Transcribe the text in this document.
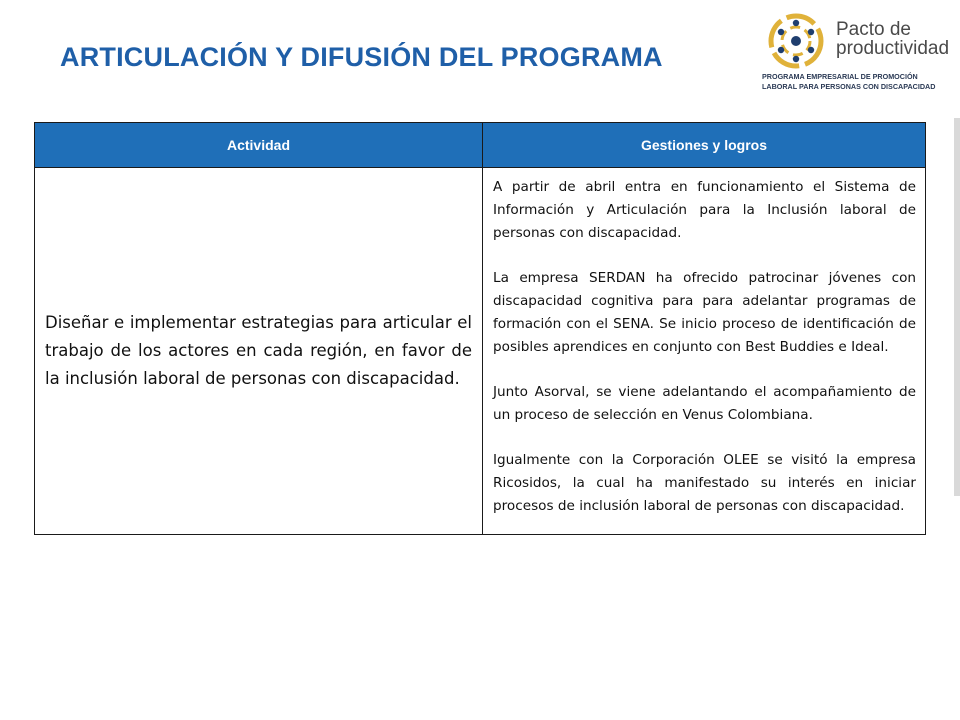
ARTICULACIÓN Y DIFUSIÓN DEL PROGRAMA
Pacto de
productividad
PROGRAMA EMPRESARIAL DE PROMOCIÓN
LABORAL PARA PERSONAS CON DISCAPACIDAD
Actividad	Gestiones y logros
Diseñar e implementar estrategias para articular el trabajo de los actores en cada región, en favor de la inclusión laboral de personas con discapacidad.	A partir de abril entra en funcionamiento el Sistema de Información y Articulación para la Inclusión laboral de personas con discapacidad.

La empresa SERDAN ha ofrecido patrocinar jóvenes con discapacidad cognitiva para para adelantar programas de formación con el SENA. Se inicio proceso de identificación de posibles aprendices en conjunto con Best Buddies e Ideal.

Junto Asorval, se viene adelantando el acompañamiento de un proceso de selección en Venus Colombiana.

Igualmente con la Corporación OLEE se visitó la empresa Ricosidos, la cual ha manifestado su interés en iniciar procesos de inclusión laboral de personas con discapacidad.
